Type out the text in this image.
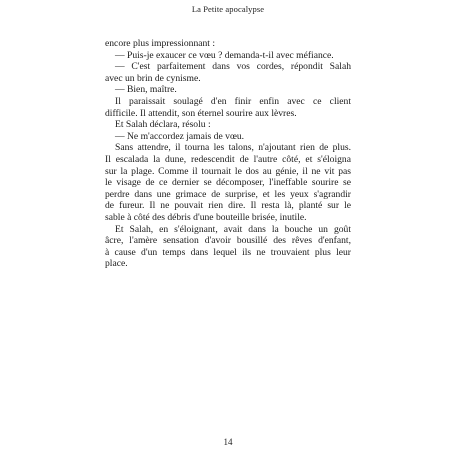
La Petite apocalypse
encore plus impressionnant :
— Puis-je exaucer ce vœu ? demanda-t-il avec méfiance.
— C'est parfaitement dans vos cordes, répondit Salah
avec un brin de cynisme.
— Bien, maître.
Il paraissait soulagé d'en finir enfin avec ce client
difficile. Il attendit, son éternel sourire aux lèvres.
Et Salah déclara, résolu :
— Ne m'accordez jamais de vœu.
Sans attendre, il tourna les talons, n'ajoutant rien de plus.
Il escalada la dune, redescendit de l'autre côté, et s'éloigna
sur la plage. Comme il tournait le dos au génie, il ne vit pas
le visage de ce dernier se décomposer, l'ineffable sourire se
perdre dans une grimace de surprise, et les yeux s'agrandir
de fureur. Il ne pouvait rien dire. Il resta là, planté sur le
sable à côté des débris d'une bouteille brisée, inutile.
Et Salah, en s'éloignant, avait dans la bouche un goût
âcre, l'amère sensation d'avoir bousillé des rêves d'enfant,
à cause d'un temps dans lequel ils ne trouvaient plus leur
place.
14
